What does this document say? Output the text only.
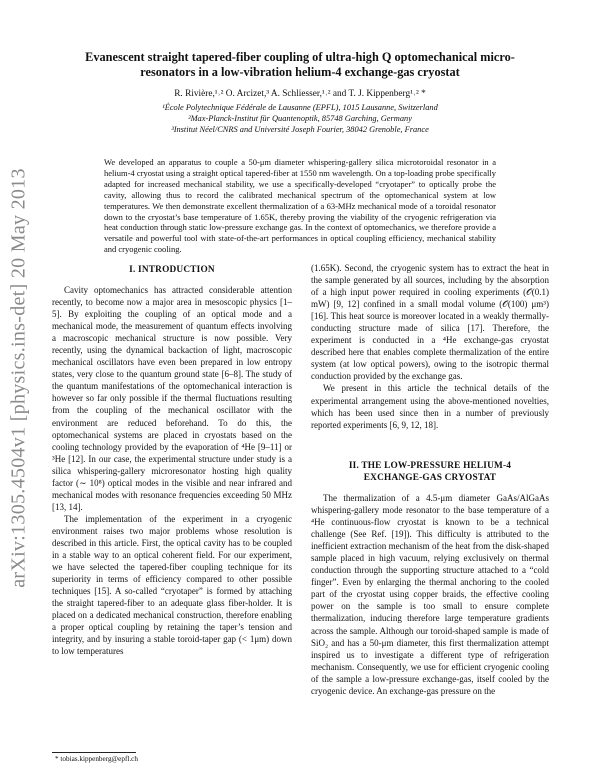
arXiv:1305.4504v1 [physics.ins-det] 20 May 2013
Evanescent straight tapered-fiber coupling of ultra-high Q optomechanical micro-resonators in a low-vibration helium-4 exchange-gas cryostat
R. Rivière,¹˒² O. Arcizet,³ A. Schliesser,¹˒² and T. J. Kippenberg¹˒² *
¹École Polytechnique Fédérale de Lausanne (EPFL), 1015 Lausanne, Switzerland
²Max-Planck-Institut für Quantenoptik, 85748 Garching, Germany
³Institut Néel/CNRS and Université Joseph Fourier, 38042 Grenoble, France
We developed an apparatus to couple a 50-μm diameter whispering-gallery silica microtoroidal resonator in a helium-4 cryostat using a straight optical tapered-fiber at 1550 nm wavelength. On a top-loading probe specifically adapted for increased mechanical stability, we use a specifically-developed “cryotaper” to optically probe the cavity, allowing thus to record the calibrated mechanical spectrum of the optomechanical system at low temperatures. We then demonstrate excellent thermalization of a 63-MHz mechanical mode of a toroidal resonator down to the cryostat’s base temperature of 1.65K, thereby proving the viability of the cryogenic refrigeration via heat conduction through static low-pressure exchange gas. In the context of optomechanics, we therefore provide a versatile and powerful tool with state-of-the-art performances in optical coupling efficiency, mechanical stability and cryogenic cooling.
I. INTRODUCTION

Cavity optomechanics has attracted considerable attention recently, to become now a major area in mesoscopic physics [1–5]. By exploiting the coupling of an optical mode and a mechanical mode, the measurement of quantum effects involving a macroscopic mechanical structure is now possible. Very recently, using the dynamical backaction of light, macroscopic mechanical oscillators have even been prepared in low entropy states, very close to the quantum ground state [6–8]. The study of the quantum manifestations of the optomechanical interaction is however so far only possible if the thermal fluctuations resulting from the coupling of the mechanical oscillator with the environment are reduced beforehand. To do this, the optomechanical systems are placed in cryostats based on the cooling technology provided by the evaporation of ⁴He [9–11] or ³He [12]. In our case, the experimental structure under study is a silica whispering-gallery microresonator hosting high quality factor (∼ 10⁸) optical modes in the visible and near infrared and mechanical modes with resonance frequencies exceeding 50 MHz [13, 14].

The implementation of the experiment in a cryogenic environment raises two major problems whose resolution is described in this article. First, the optical cavity has to be coupled in a stable way to an optical coherent field. For our experiment, we have selected the tapered-fiber coupling technique for its superiority in terms of efficiency compared to other possible techniques [15]. A so-called “cryotaper” is formed by attaching the straight tapered-fiber to an adequate glass fiber-holder. It is placed on a dedicated mechanical construction, therefore enabling a proper optical coupling by retaining the taper’s tension and integrity, and by insuring a stable toroid-taper gap (< 1μm) down to low temperatures

(1.65K). Second, the cryogenic system has to extract the heat in the sample generated by all sources, including by the absorption of a high input power required in cooling experiments (𝒪(0.1) mW) [9, 12] confined in a small modal volume (𝒪(100) μm³) [16]. This heat source is moreover located in a weakly thermally-conducting structure made of silica [17]. Therefore, the experiment is conducted in a ⁴He exchange-gas cryostat described here that enables complete thermalization of the entire system (at low optical powers), owing to the isotropic thermal conduction provided by the exchange gas.

We present in this article the technical details of the experimental arrangement using the above-mentioned novelties, which has been used since then in a number of previously reported experiments [6, 9, 12, 18].

II. THE LOW-PRESSURE HELIUM-4
EXCHANGE-GAS CRYOSTAT

The thermalization of a 4.5-μm diameter GaAs/AlGaAs whispering-gallery mode resonator to the base temperature of a ⁴He continuous-flow cryostat is known to be a technical challenge (See Ref. [19]). This difficulty is attributed to the inefficient extraction mechanism of the heat from the disk-shaped sample placed in high vacuum, relying exclusively on thermal conduction through the supporting structure attached to a “cold finger”. Even by enlarging the thermal anchoring to the cooled part of the cryostat using copper braids, the effective cooling power on the sample is too small to ensure complete thermalization, inducing therefore large temperature gradients across the sample. Although our toroid-shaped sample is made of SiO₂ and has a 50-μm diameter, this first thermalization attempt inspired us to investigate a different type of refrigeration mechanism. Consequently, we use for efficient cryogenic cooling of the sample a low-pressure exchange-gas, itself cooled by the cryogenic device. An exchange-gas pressure on the

* tobias.kippenberg@epfl.ch
